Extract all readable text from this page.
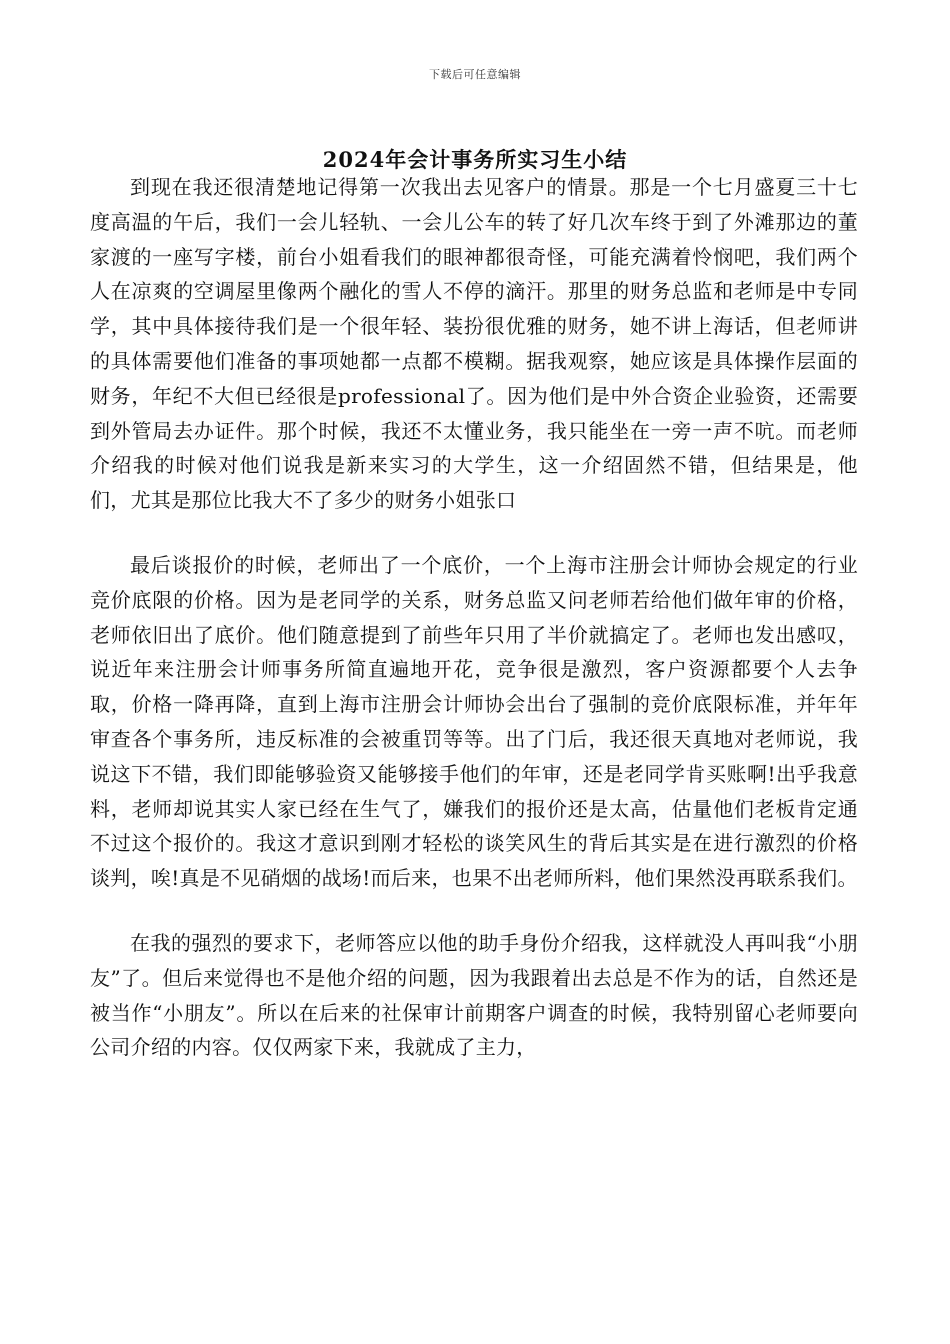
下载后可任意编辑
2024年会计事务所实习生小结

到现在我还很清楚地记得第一次我出去见客户的情景。那是一个七月盛夏三十七度高温的午后，我们一会儿轻轨、一会儿公车的转了好几次车终于到了外滩那边的董家渡的一座写字楼，前台小姐看我们的眼神都很奇怪，可能充满着怜悯吧，我们两个人在凉爽的空调屋里像两个融化的雪人不停的滴汗。那里的财务总监和老师是中专同学，其中具体接待我们是一个很年轻、装扮很优雅的财务，她不讲上海话，但老师讲的具体需要他们准备的事项她都一点都不模糊。据我观察，她应该是具体操作层面的财务，年纪不大但已经很是professional了。因为他们是中外合资企业验资，还需要到外管局去办证件。那个时候，我还不太懂业务，我只能坐在一旁一声不吭。而老师介绍我的时候对他们说我是新来实习的大学生，这一介绍固然不错，但结果是，他们，尤其是那位比我大不了多少的财务小姐张口

最后谈报价的时候，老师出了一个底价，一个上海市注册会计师协会规定的行业竞价底限的价格。因为是老同学的关系，财务总监又问老师若给他们做年审的价格，老师依旧出了底价。他们随意提到了前些年只用了半价就搞定了。老师也发出感叹，说近年来注册会计师事务所简直遍地开花，竞争很是激烈，客户资源都要个人去争取，价格一降再降，直到上海市注册会计师协会出台了强制的竞价底限标准，并年年审查各个事务所，违反标准的会被重罚等等。出了门后，我还很天真地对老师说，我说这下不错，我们即能够验资又能够接手他们的年审，还是老同学肯买账啊!出乎我意料，老师却说其实人家已经在生气了，嫌我们的报价还是太高，估量他们老板肯定通不过这个报价的。我这才意识到刚才轻松的谈笑风生的背后其实是在进行激烈的价格谈判，唉!真是不见硝烟的战场!而后来，也果不出老师所料，他们果然没再联系我们。

在我的强烈的要求下，老师答应以他的助手身份介绍我，这样就没人再叫我“小朋友”了。但后来觉得也不是他介绍的问题，因为我跟着出去总是不作为的话，自然还是被当作“小朋友”。所以在后来的社保审计前期客户调查的时候，我特别留心老师要向公司介绍的内容。仅仅两家下来，我就成了主力，
